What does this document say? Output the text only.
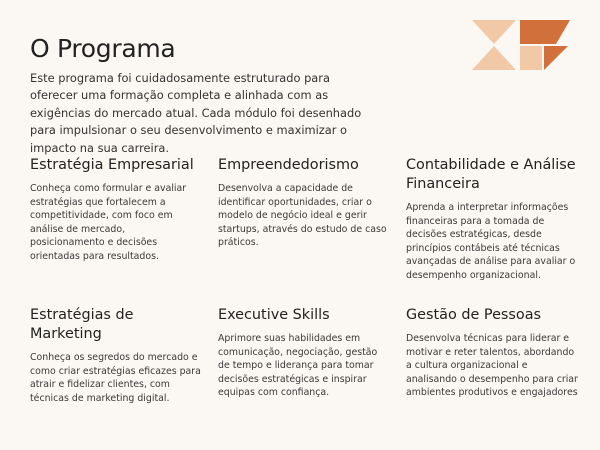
O Programa

Este programa foi cuidadosamente estruturado para oferecer uma formação completa e alinhada com as exigências do mercado atual. Cada módulo foi desenhado para impulsionar o seu desenvolvimento e maximizar o impacto na sua carreira.

Estratégia Empresarial

Conheça como formular e avaliar estratégias que fortalecem a competitividade, com foco em análise de mercado, posicionamento e decisões orientadas para resultados.

Empreendedorismo

Desenvolva a capacidade de identificar oportunidades, criar o modelo de negócio ideal e gerir startups, através do estudo de caso práticos.

Contabilidade e Análise Financeira

Aprenda a interpretar informações financeiras para a tomada de decisões estratégicas, desde princípios contábeis até técnicas avançadas de análise para avaliar o desempenho organizacional.

Estratégias de Marketing

Conheça os segredos do mercado e como criar estratégias eficazes para atrair e fidelizar clientes, com técnicas de marketing digital.

Executive Skills

Aprimore suas habilidades em comunicação, negociação, gestão de tempo e liderança para tomar decisões estratégicas e inspirar equipas com confiança.

Gestão de Pessoas

Desenvolva técnicas para liderar e motivar e reter talentos, abordando a cultura organizacional e analisando o desempenho para criar ambientes produtivos e engajadores
